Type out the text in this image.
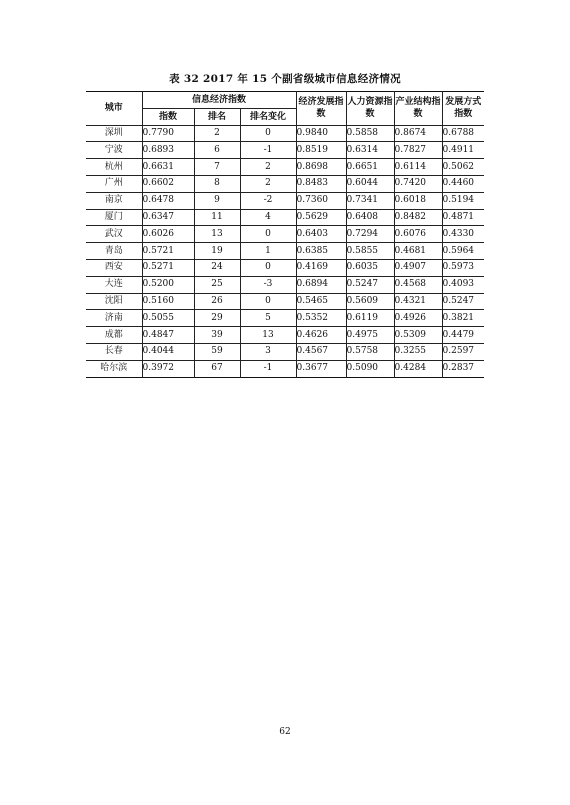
表 32 2017 年 15 个副省级城市信息经济情况
城市	信息经济指数			经济发展指数	人力资源指数	产业结构指数	发展方式指数
	指数	排名	排名变化				
深圳	0.7790	2	0	0.9840	0.5858	0.8674	0.6788
宁波	0.6893	6	-1	0.8519	0.6314	0.7827	0.4911
杭州	0.6631	7	2	0.8698	0.6651	0.6114	0.5062
广州	0.6602	8	2	0.8483	0.6044	0.7420	0.4460
南京	0.6478	9	-2	0.7360	0.7341	0.6018	0.5194
厦门	0.6347	11	4	0.5629	0.6408	0.8482	0.4871
武汉	0.6026	13	0	0.6403	0.7294	0.6076	0.4330
青岛	0.5721	19	1	0.6385	0.5855	0.4681	0.5964
西安	0.5271	24	0	0.4169	0.6035	0.4907	0.5973
大连	0.5200	25	-3	0.6894	0.5247	0.4568	0.4093
沈阳	0.5160	26	0	0.5465	0.5609	0.4321	0.5247
济南	0.5055	29	5	0.5352	0.6119	0.4926	0.3821
成都	0.4847	39	13	0.4626	0.4975	0.5309	0.4479
长春	0.4044	59	3	0.4567	0.5758	0.3255	0.2597
哈尔滨	0.3972	67	-1	0.3677	0.5090	0.4284	0.2837
62
